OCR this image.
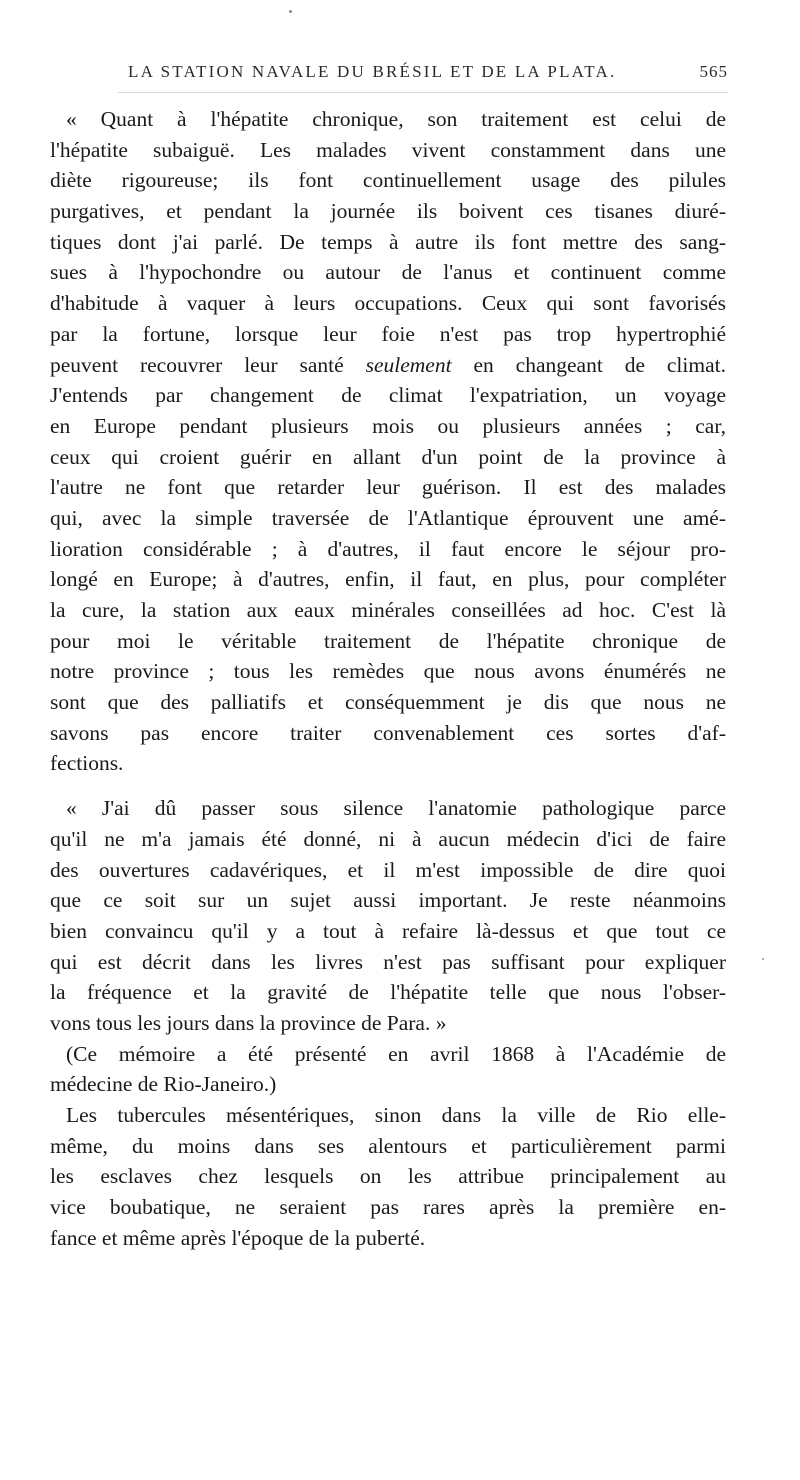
LA STATION NAVALE DU BRÉSIL ET DE LA PLATA.	565
« Quant à l'hépatite chronique, son traitement est celui de
l'hépatite subaiguë. Les malades vivent constamment dans une
diète rigoureuse; ils font continuellement usage des pilules
purgatives, et pendant la journée ils boivent ces tisanes diuré-
tiques dont j'ai parlé. De temps à autre ils font mettre des sang-
sues à l'hypochondre ou autour de l'anus et continuent comme
d'habitude à vaquer à leurs occupations. Ceux qui sont favorisés
par la fortune, lorsque leur foie n'est pas trop hypertrophié
peuvent recouvrer leur santé seulement en changeant de climat.
J'entends par changement de climat l'expatriation, un voyage
en Europe pendant plusieurs mois ou plusieurs années ; car,
ceux qui croient guérir en allant d'un point de la province à
l'autre ne font que retarder leur guérison. Il est des malades
qui, avec la simple traversée de l'Atlantique éprouvent une amé-
lioration considérable ; à d'autres, il faut encore le séjour pro-
longé en Europe; à d'autres, enfin, il faut, en plus, pour compléter
la cure, la station aux eaux minérales conseillées ad hoc. C'est là
pour moi le véritable traitement de l'hépatite chronique de
notre province ; tous les remèdes que nous avons énumérés ne
sont que des palliatifs et conséquemment je dis que nous ne
savons pas encore traiter convenablement ces sortes d'af-
fections.
« J'ai dû passer sous silence l'anatomie pathologique parce
qu'il ne m'a jamais été donné, ni à aucun médecin d'ici de faire
des ouvertures cadavériques, et il m'est impossible de dire quoi
que ce soit sur un sujet aussi important. Je reste néanmoins
bien convaincu qu'il y a tout à refaire là-dessus et que tout ce
qui est décrit dans les livres n'est pas suffisant pour expliquer
la fréquence et la gravité de l'hépatite telle que nous l'obser-
vons tous les jours dans la province de Para. »
(Ce mémoire a été présenté en avril 1868 à l'Académie de
médecine de Rio-Janeiro.)
Les tubercules mésentériques, sinon dans la ville de Rio elle-
même, du moins dans ses alentours et particulièrement parmi
les esclaves chez lesquels on les attribue principalement au
vice boubatique, ne seraient pas rares après la première en-
fance et même après l'époque de la puberté.
